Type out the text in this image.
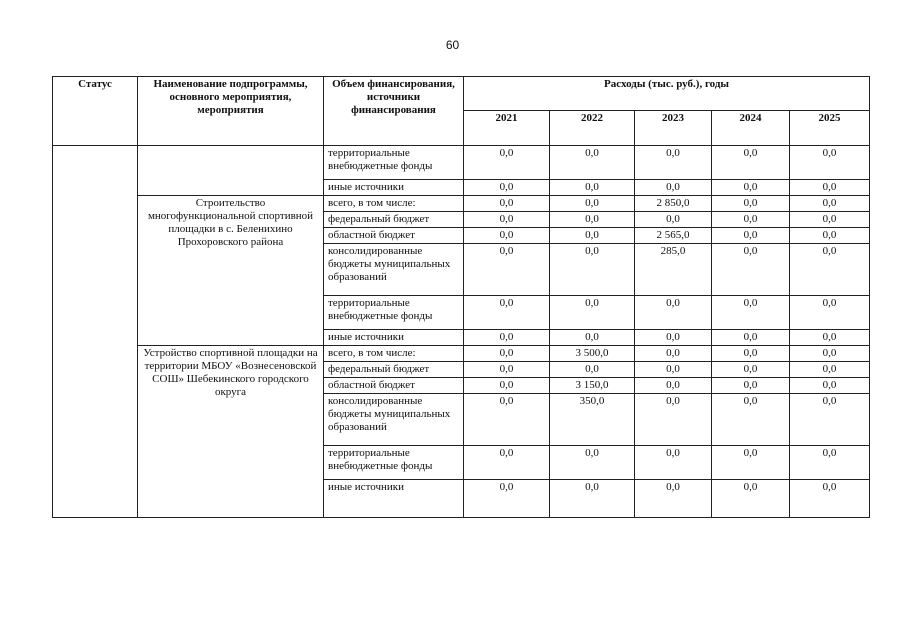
60
Статус	Наименование подпрограммы, основного мероприятия, мероприятия	Объем финансирования, источники финансирования	Расходы (тыс. руб.), годы				
			2021	2022	2023	2024	2025
		территориальные внебюджетные фонды	0,0	0,0	0,0	0,0	0,0
		иные источники	0,0	0,0	0,0	0,0	0,0
	Строительство многофункциональной спортивной площадки в с. Беленихино Прохоровского района	всего, в том числе:	0,0	0,0	2 850,0	0,0	0,0
		федеральный бюджет	0,0	0,0	0,0	0,0	0,0
		областной бюджет	0,0	0,0	2 565,0	0,0	0,0
		консолидированные бюджеты муниципальных образований	0,0	0,0	285,0	0,0	0,0
		территориальные внебюджетные фонды	0,0	0,0	0,0	0,0	0,0
		иные источники	0,0	0,0	0,0	0,0	0,0
	Устройство спортивной площадки на территории МБОУ «Вознесеновской СОШ» Шебекинского городского округа	всего, в том числе:	0,0	3 500,0	0,0	0,0	0,0
		федеральный бюджет	0,0	0,0	0,0	0,0	0,0
		областной бюджет	0,0	3 150,0	0,0	0,0	0,0
		консолидированные бюджеты муниципальных образований	0,0	350,0	0,0	0,0	0,0
		территориальные внебюджетные фонды	0,0	0,0	0,0	0,0	0,0
		иные источники	0,0	0,0	0,0	0,0	0,0
